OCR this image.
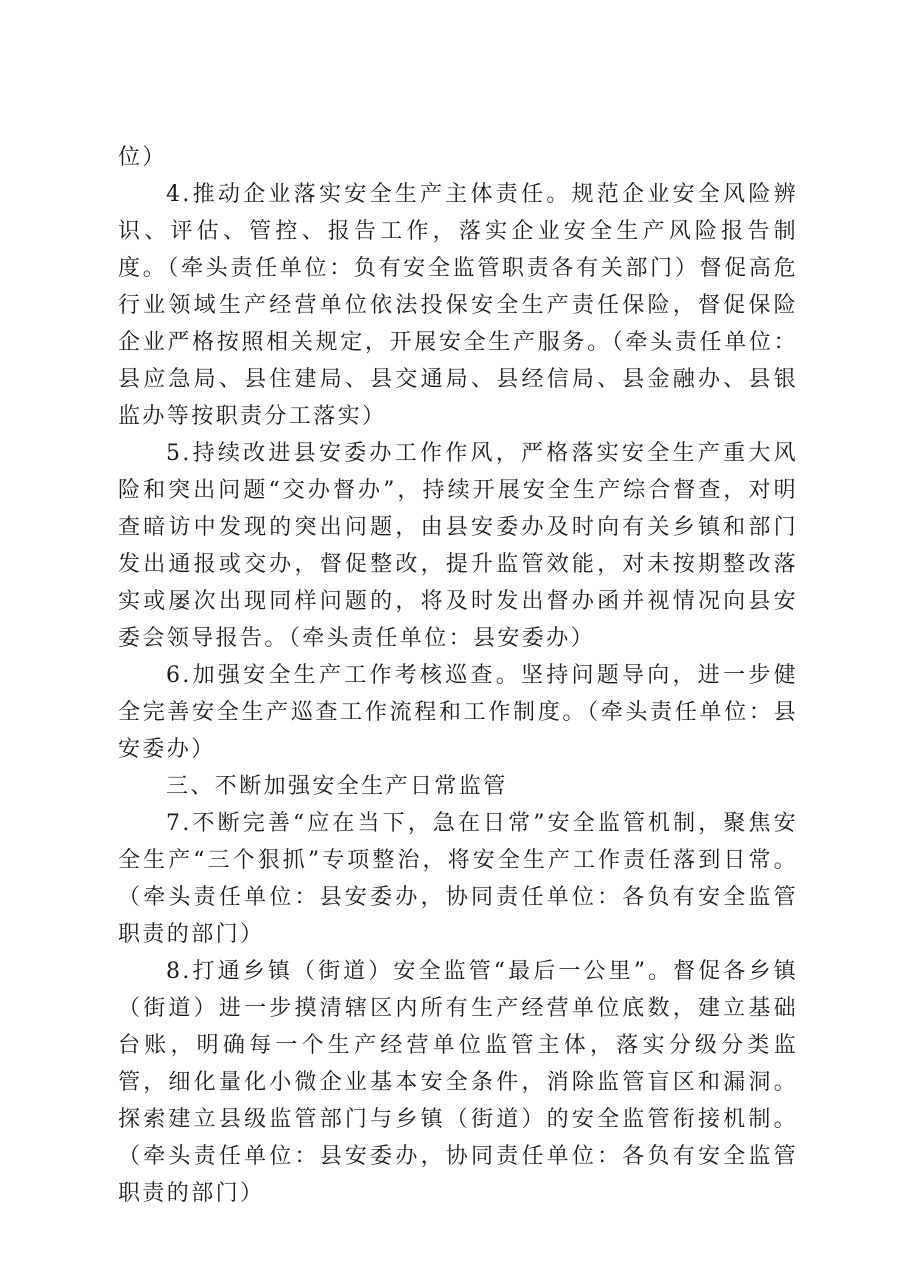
位）

4.推动企业落实安全生产主体责任。规范企业安全风险辨识、评估、管控、报告工作，落实企业安全生产风险报告制度。（牵头责任单位：负有安全监管职责各有关部门）督促高危行业领域生产经营单位依法投保安全生产责任保险，督促保险企业严格按照相关规定，开展安全生产服务。（牵头责任单位：县应急局、县住建局、县交通局、县经信局、县金融办、县银监办等按职责分工落实）

5.持续改进县安委办工作作风，严格落实安全生产重大风险和突出问题“交办督办”，持续开展安全生产综合督查，对明查暗访中发现的突出问题，由县安委办及时向有关乡镇和部门发出通报或交办，督促整改，提升监管效能，对未按期整改落实或屡次出现同样问题的，将及时发出督办函并视情况向县安委会领导报告。（牵头责任单位：县安委办）

6.加强安全生产工作考核巡查。坚持问题导向，进一步健全完善安全生产巡查工作流程和工作制度。（牵头责任单位：县安委办）

三、不断加强安全生产日常监管

7.不断完善“应在当下，急在日常”安全监管机制，聚焦安全生产“三个狠抓”专项整治，将安全生产工作责任落到日常。（牵头责任单位：县安委办，协同责任单位：各负有安全监管职责的部门）

8.打通乡镇（街道）安全监管“最后一公里”。督促各乡镇（街道）进一步摸清辖区内所有生产经营单位底数，建立基础台账，明确每一个生产经营单位监管主体，落实分级分类监管，细化量化小微企业基本安全条件，消除监管盲区和漏洞。探索建立县级监管部门与乡镇（街道）的安全监管衔接机制。（牵头责任单位：县安委办，协同责任单位：各负有安全监管职责的部门）
